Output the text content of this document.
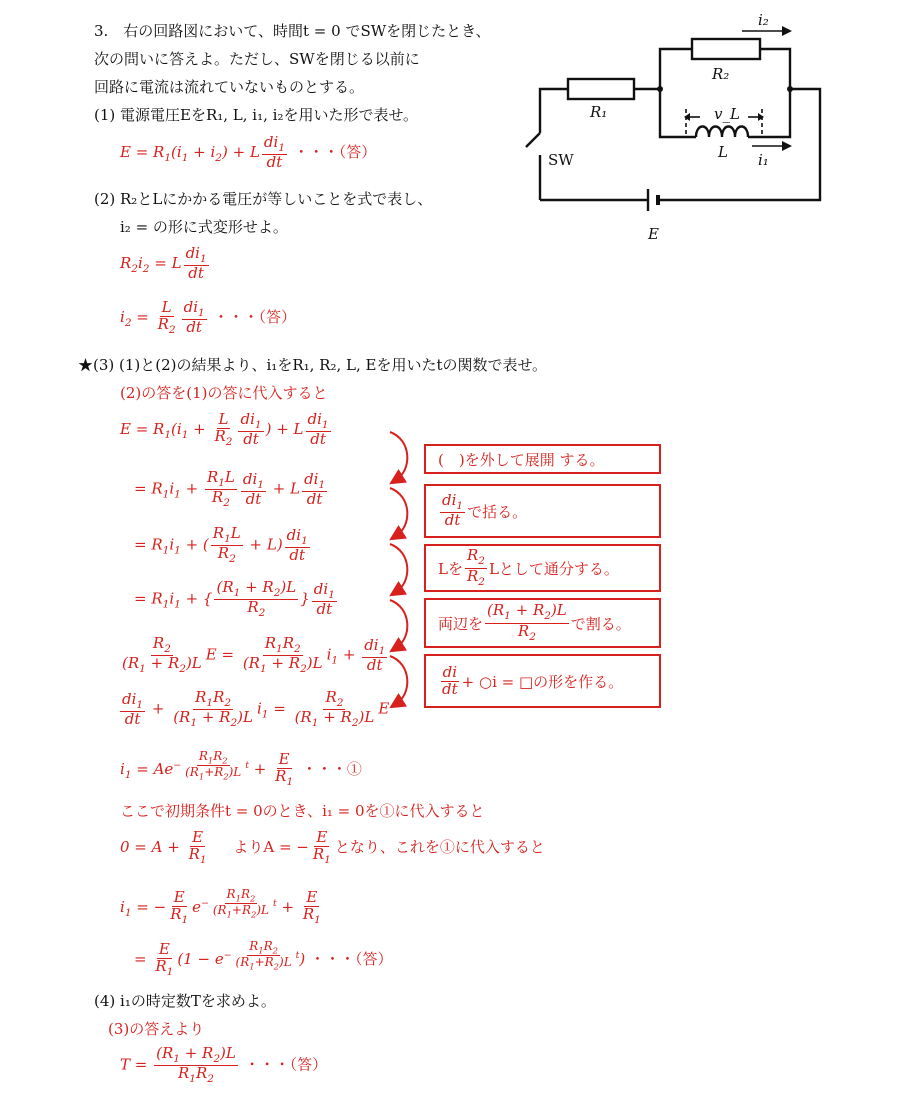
3.　右の回路図において、時間t = 0 でSWを閉じたとき、
次の問いに答えよ。ただし、SWを閉じる以前に
回路に電流は流れていないものとする。
(1) 電源電圧EをR₁, L, i₁, i₂を用いた形で表せ。
$E = R_1(i_1 + i_2) + L \frac{di_1}{dt}$ ・・・（答）
(2) R₂とLにかかる電圧が等しいことを式で表し、
i₂ = の形に式変形せよ。
$R_2i_2 = L \frac{di_1}{dt}$
$i_2 = \frac{L}{R_2} \frac{di_1}{dt}$ ・・・（答）
★(3) (1)と(2)の結果より、i₁をR₁, R₂, L, Eを用いたtの関数で表せ。
(2)の答を(1)の答に代入すると
$E = R_1(i_1 + \frac{L}{R_2} \frac{di_1}{dt}$ ) + L $\frac{di_1}{dt}$
= $R_1i_1 + \frac{R_1L}{R_2} \frac{di_1}{dt} + L \frac{di_1}{dt}$
= $R_1i_1$ + ( $\frac{R_1L}{R_2} + L) \frac{di_1}{dt}$
= $R_1i_1$ + { $\frac{(R_1 + R_2)L}{R_2}$ } $\frac{di_1}{dt}$
$\frac{R_2}{(R_1 + R_2)L}$ $E = \frac{R_1R_2}{(R_1 + R_2)L} i_1 + \frac{di_1}{dt}$
$\frac{di_1}{dt} + \frac{R_1R_2}{(R_1 + R_2)L} i_1 = \frac{R_2}{(R_1 + R_2)L}$ E
$i_1 = Ae^{- \frac{R_1R_2}{(R_1+R_2)L} t} + \frac{E}{R_1}$ ・・・①
ここで初期条件t = 0のとき、i₁ = 0を①に代入すると
$0 = A + \frac{E}{R_1}$ よりA = − $\frac{E}{R_1}$ となり、これを①に代入すると
$i_1$ = − $\frac{E}{R_1} e^{- \frac{R_1R_2}{(R_1+R_2)L} t} + \frac{E}{R_1}$
= $\frac{E}{R_1} (1 - e^{- \frac{R_1R_2}{(R_1+R_2)L} t})$ ・・・（答）
(4) i₁の時定数Tを求めよ。
(3)の答えより
$T = \frac{(R_1 + R_2)L}{R_1R_2}$ ・・・（答）
(　)を外して展開 する。
$\frac{di_1}{dt}$ で括る。
Lを $\frac{R_2}{R_2}$ Lとして通分する。
両辺を $\frac{(R_1 + R_2)L}{R_2}$ で割る。
$\frac{di}{dt}$ + ○i = □の形を作る。
i₂
R₂
R₁	v_L
L i₁
E
SW
